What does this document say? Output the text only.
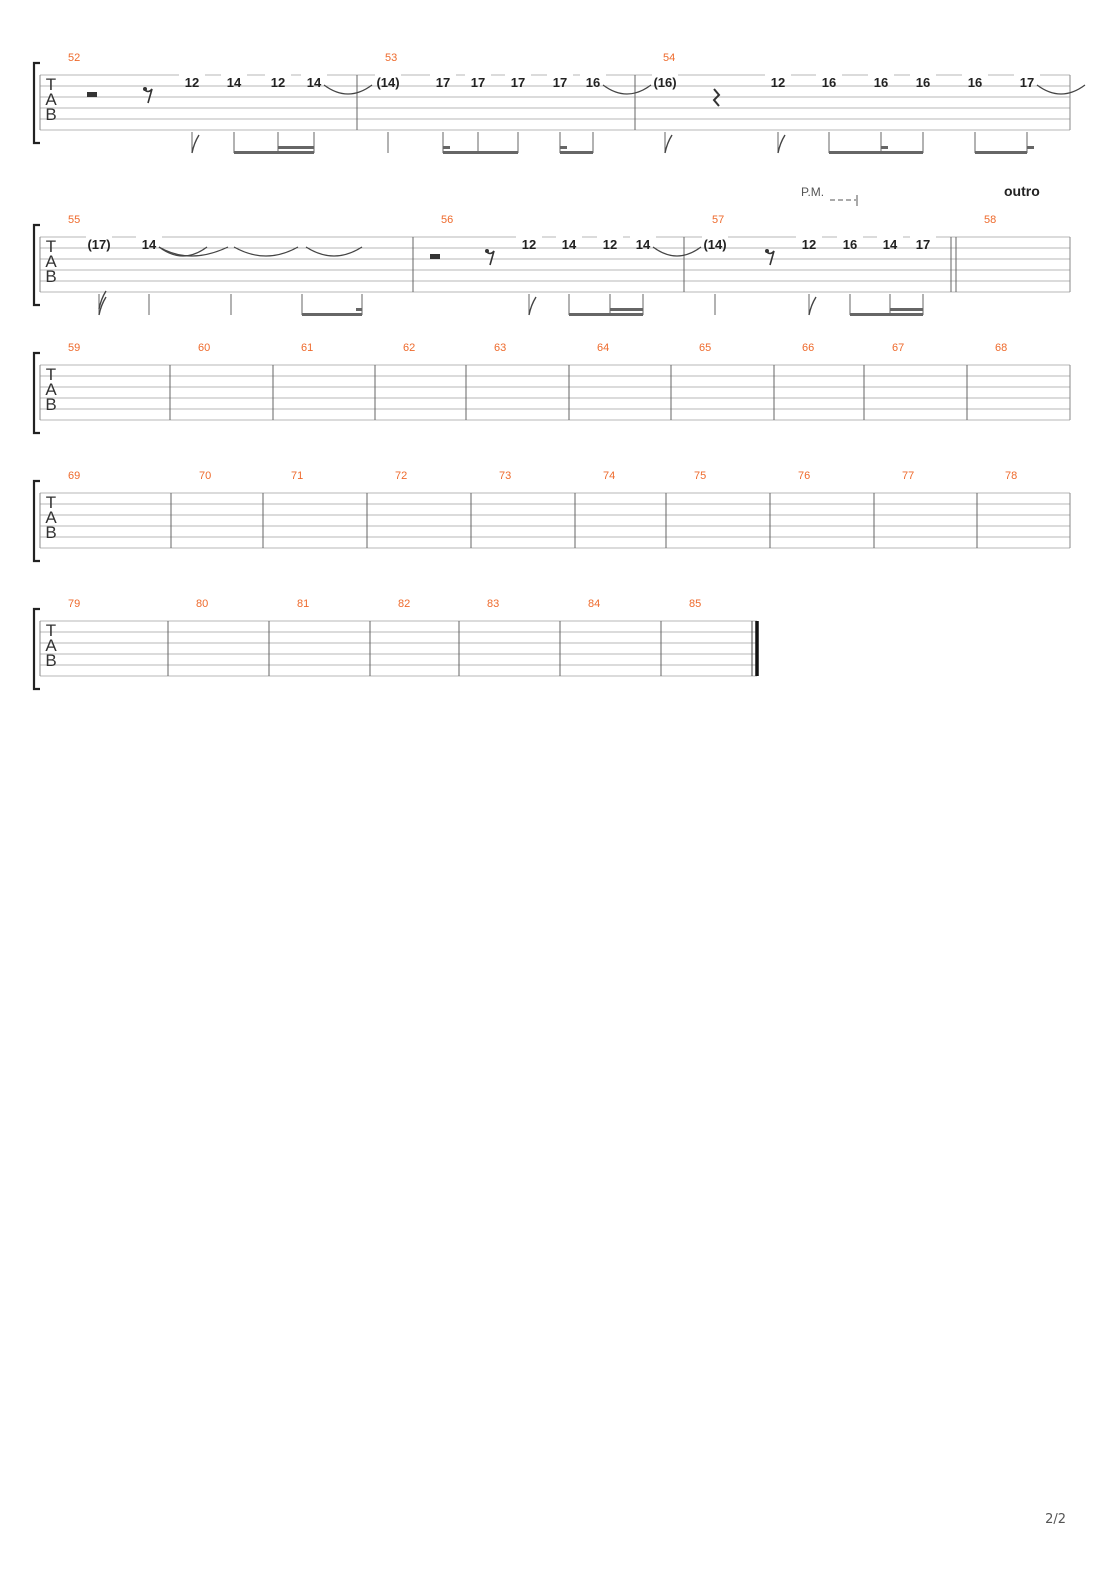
T
A
B
52	53	54
12 14 12 14	(14)	17 17 17 17 16	(16)	12	16	16 16	16	17
T
A
B
55	56	57	58
P.M.	outro
(17) 14	12 14 12 14	(14)	12 16 14 17
T
A
B
59	60	61	62	63	64	65	66	67	68
T
A
B
69	70	71	72	73	74	75	76	77	78
T
A
B
79	80	81	82	83	84	85
2/2
